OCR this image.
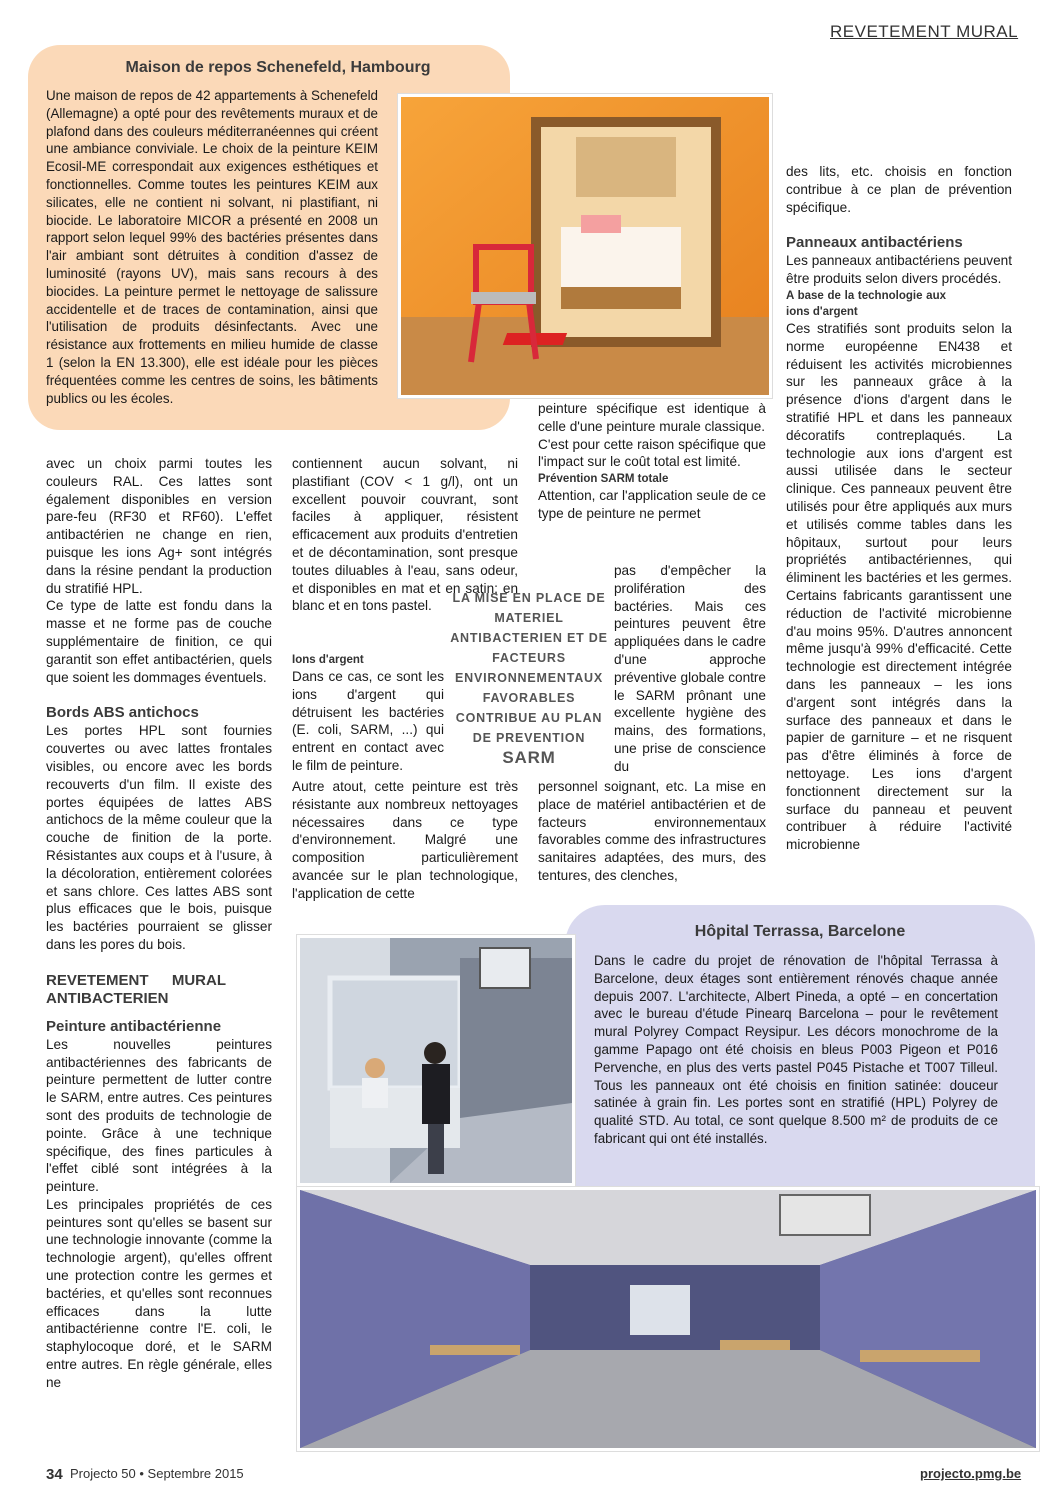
REVETEMENT MURAL
Maison de repos Schenefeld, Hambourg
Une maison de repos de 42 appartements à Schenefeld (Allemagne) a opté pour des revêtements muraux et de plafond dans des couleurs méditerranéennes qui créent une ambiance conviviale. Le choix de la peinture KEIM Ecosil-ME correspondait aux exigences esthétiques et fonctionnelles. Comme toutes les peintures KEIM aux silicates, elle ne contient ni solvant, ni plastifiant, ni biocide. Le laboratoire MICOR a présenté en 2008 un rapport selon lequel 99% des bactéries présentes dans l'air ambiant sont détruites à condition d'assez de luminosité (rayons UV), mais sans recours à des biocides. La peinture permet le nettoyage de salissure accidentelle et de traces de contamination, ainsi que l'utilisation de produits désinfectants. Avec une résistance aux frottements en milieu humide de classe 1 (selon la EN 13.300), elle est idéale pour les pièces fréquentées comme les centres de soins, les bâtiments publics ou les écoles.

avec un choix parmi toutes les couleurs RAL. Ces lattes sont également disponibles en version pare-feu (RF30 et RF60). L'effet antibactérien ne change en rien, puisque les ions Ag+ sont intégrés dans la résine pendant la production du stratifié HPL.

Ce type de latte est fondu dans la masse et ne forme pas de couche supplémentaire de finition, ce qui garantit son effet antibactérien, quels que soient les dommages éventuels.

Bords ABS antichocs

Les portes HPL sont fournies couvertes ou avec lattes frontales visibles, ou encore avec les bords recouverts d'un film. Il existe des portes équipées de lattes ABS antichocs de la même couleur que la couche de finition de la porte. Résistantes aux coups et à l'usure, à la décoloration, entièrement colorées et sans chlore. Ces lattes ABS sont plus efficaces que le bois, puisque les bactéries pourraient se glisser dans les pores du bois.

REVETEMENT MURAL ANTIBACTERIEN
Peinture antibactérienne

Les nouvelles peintures antibactériennes des fabricants de peinture permettent de lutter contre le SARM, entre autres. Ces peintures sont des produits de technologie de pointe. Grâce à une technique spécifique, des fines particules à l'effet ciblé sont intégrées à la peinture.

Les principales propriétés de ces peintures sont qu'elles se basent sur une technologie innovante (comme la technologie argent), qu'elles offrent une protection contre les germes et bactéries, et qu'elles sont reconnues efficaces dans la lutte antibactérienne contre l'E. coli, le staphylocoque doré, et le SARM entre autres. En règle générale, elles ne

contiennent aucun solvant, ni plastifiant (COV < 1 g/l), ont un excellent pouvoir couvrant, sont faciles à appliquer, résistent efficacement aux produits d'entretien et de décontamination, sont presque toutes diluables à l'eau, sans odeur, et disponibles en mat et en satin; en blanc et en tons pastel.

Ions d'argent

Dans ce cas, ce sont les ions d'argent qui détruisent les bactéries (E. coli, SARM, ...) qui entrent en contact avec le film de peinture.

Autre atout, cette peinture est très résistante aux nombreux nettoyages nécessaires dans ce type d'environnement. Malgré une composition particulièrement avancée sur le plan technologique, l'application de cette

LA MISE EN PLACE DE MATERIEL ANTIBACTERIEN ET DE FACTEURS ENVIRONNEMENTAUX FAVORABLES CONTRIBUE AU PLAN DE PREVENTION
SARM

peinture spécifique est identique à celle d'une peinture murale classique.

C'est pour cette raison spécifique que l'impact sur le coût total est limité.

Prévention SARM totale

Attention, car l'application seule de ce type de peinture ne permet

pas d'empêcher la prolifération des bactéries. Mais ces peintures peuvent être appliquées dans le cadre d'une approche préventive globale contre le SARM prônant une excellente hygiène des mains, des formations, une prise de conscience du

personnel soignant, etc. La mise en place de matériel antibactérien et de facteurs environnementaux favorables comme des infrastructures sanitaires adaptées, des murs, des tentures, des clenches,

des lits, etc. choisis en fonction contribue à ce plan de prévention spécifique.

Panneaux antibactériens

Les panneaux antibactériens peuvent être produits selon divers procédés.

A base de la technologie aux ions d'argent

Ces stratifiés sont produits selon la norme européenne EN438 et réduisent les activités microbiennes sur les panneaux grâce à la présence d'ions d'argent dans le stratifié HPL et dans les panneaux décoratifs contreplaqués. La technologie aux ions d'argent est aussi utilisée dans le secteur clinique. Ces panneaux peuvent être utilisés pour être appliqués aux murs et utilisés comme tables dans les hôpitaux, surtout pour leurs propriétés antibactériennes, qui éliminent les bactéries et les germes. Certains fabricants garantissent une réduction de l'activité microbienne d'au moins 95%. D'autres annoncent même jusqu'à 99% d'efficacité. Cette technologie est directement intégrée dans les panneaux – les ions d'argent sont intégrés dans la surface des panneaux et dans le papier de garniture – et ne risquent pas d'être éliminés à force de nettoyage. Les ions d'argent fonctionnent directement sur la surface du panneau et peuvent contribuer à réduire l'activité microbienne

Hôpital Terrassa, Barcelone
Dans le cadre du projet de rénovation de l'hôpital Terrassa à Barcelone, deux étages sont entièrement rénovés chaque année depuis 2007. L'architecte, Albert Pineda, a opté – en concertation avec le bureau d'étude Pinearq Barcelona – pour le revêtement mural Polyrey Compact Reysipur. Les décors monochrome de la gamme Papago ont été choisis en bleus P003 Pigeon et P016 Pervenche, en plus des verts pastel P045 Pistache et T007 Tilleul. Tous les panneaux ont été choisis en finition satinée: douceur satinée à grain fin. Les portes sont en stratifié (HPL) Polyrey de qualité STD. Au total, ce sont quelque 8.500 m² de produits de ce fabricant qui ont été installés.
34 Projecto 50 • Septembre 2015	projecto.pmg.be
